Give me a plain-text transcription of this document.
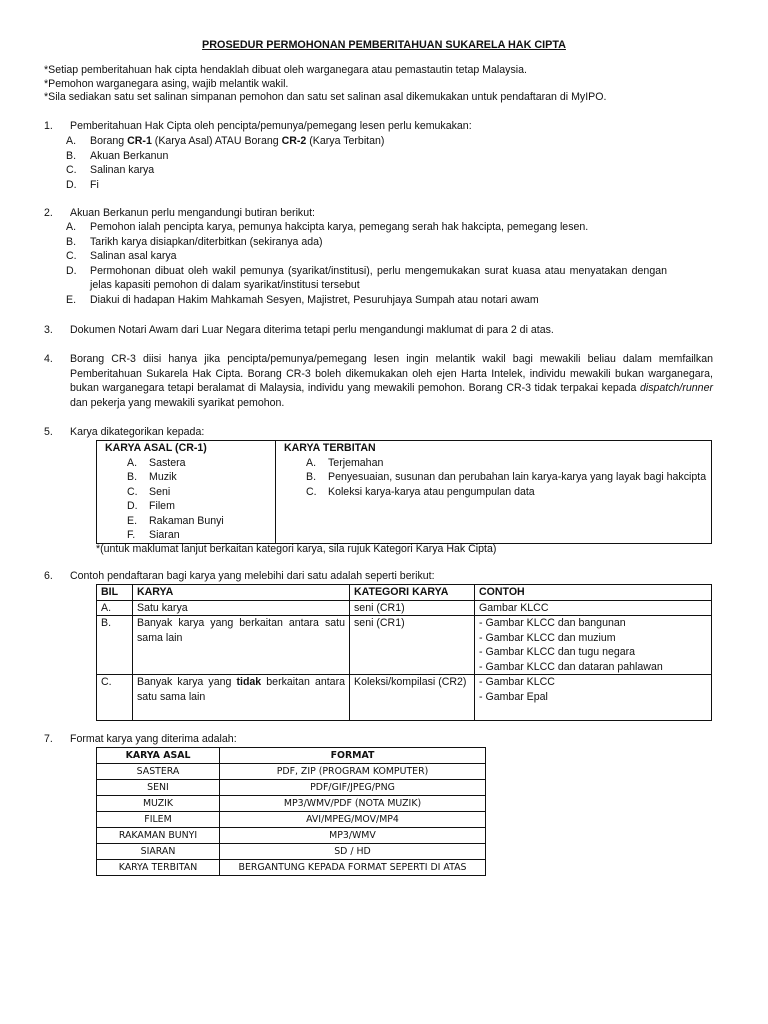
PROSEDUR PERMOHONAN PEMBERITAHUAN SUKARELA HAK CIPTA
*Setiap pemberitahuan hak cipta hendaklah dibuat oleh warganegara atau pemastautin tetap Malaysia.
*Pemohon warganegara asing, wajib melantik wakil.
*Sila sediakan satu set salinan simpanan pemohon dan satu set salinan asal dikemukakan untuk pendaftaran di MyIPO.
1.	Pemberitahuan Hak Cipta oleh pencipta/pemunya/pemegang lesen perlu kemukakan:
A.	Borang CR-1 (Karya Asal) ATAU Borang CR-2 (Karya Terbitan)
B.	Akuan Berkanun
C.	Salinan karya
D.	Fi
2.	Akuan Berkanun perlu mengandungi butiran berikut:
A.	Pemohon ialah pencipta karya, pemunya hakcipta karya, pemegang serah hak hakcipta, pemegang lesen.
B.	Tarikh karya disiapkan/diterbitkan (sekiranya ada)
C.	Salinan asal karya
D.	Permohonan dibuat oleh wakil pemunya (syarikat/institusi), perlu mengemukakan surat kuasa atau menyatakan dengan jelas kapasiti pemohon di dalam syarikat/institusi tersebut
E.	Diakui di hadapan Hakim Mahkamah Sesyen, Majistret, Pesuruhjaya Sumpah atau notari awam
3.	Dokumen Notari Awam dari Luar Negara diterima tetapi perlu mengandungi maklumat di para 2 di atas.
4.	Borang CR-3 diisi hanya jika pencipta/pemunya/pemegang lesen ingin melantik wakil bagi mewakili beliau dalam memfailkan Pemberitahuan Sukarela Hak Cipta. Borang CR-3 boleh dikemukakan oleh ejen Harta Intelek, individu mewakili bukan warganegara, bukan warganegara tetapi beralamat di Malaysia, individu yang mewakili pemohon. Borang CR-3 tidak terpakai kepada dispatch/runner dan pekerja yang mewakili syarikat pemohon.
5.	Karya dikategorikan kepada:
KARYA ASAL (CR-1)
A.	Sastera
B.	Muzik
C.	Seni
D.	Filem
E.	Rakaman Bunyi
F.	Siaran

KARYA TERBITAN
A.	Terjemahan
B.	Penyesuaian, susunan dan perubahan lain karya-karya yang layak bagi hakcipta
C.	Koleksi karya-karya atau pengumpulan data
*(untuk maklumat lanjut berkaitan kategori karya, sila rujuk Kategori Karya Hak Cipta)
6.	Contoh pendaftaran bagi karya yang melebihi dari satu adalah seperti berikut:
BIL	KARYA	KATEGORI KARYA	CONTOH
A.	Satu karya	seni (CR1)	Gambar KLCC
B.	Banyak karya yang berkaitan antara satu sama lain	seni (CR1)	- Gambar KLCC dan bangunan
- Gambar KLCC dan muzium
- Gambar KLCC dan tugu negara
- Gambar KLCC dan dataran pahlawan

C.	Banyak karya yang tidak berkaitan antara satu sama lain	Koleksi/kompilasi (CR2)	- Gambar KLCC
- Gambar Epal
7.	Format karya yang diterima adalah:
KARYA ASAL	FORMAT
SASTERA	PDF, ZIP (PROGRAM KOMPUTER)
SENI	PDF/GIF/JPEG/PNG
MUZIK	MP3/WMV/PDF (NOTA MUZIK)
FILEM	AVI/MPEG/MOV/MP4
RAKAMAN BUNYI	MP3/WMV
SIARAN	SD / HD
KARYA TERBITAN	BERGANTUNG KEPADA FORMAT SEPERTI DI ATAS
